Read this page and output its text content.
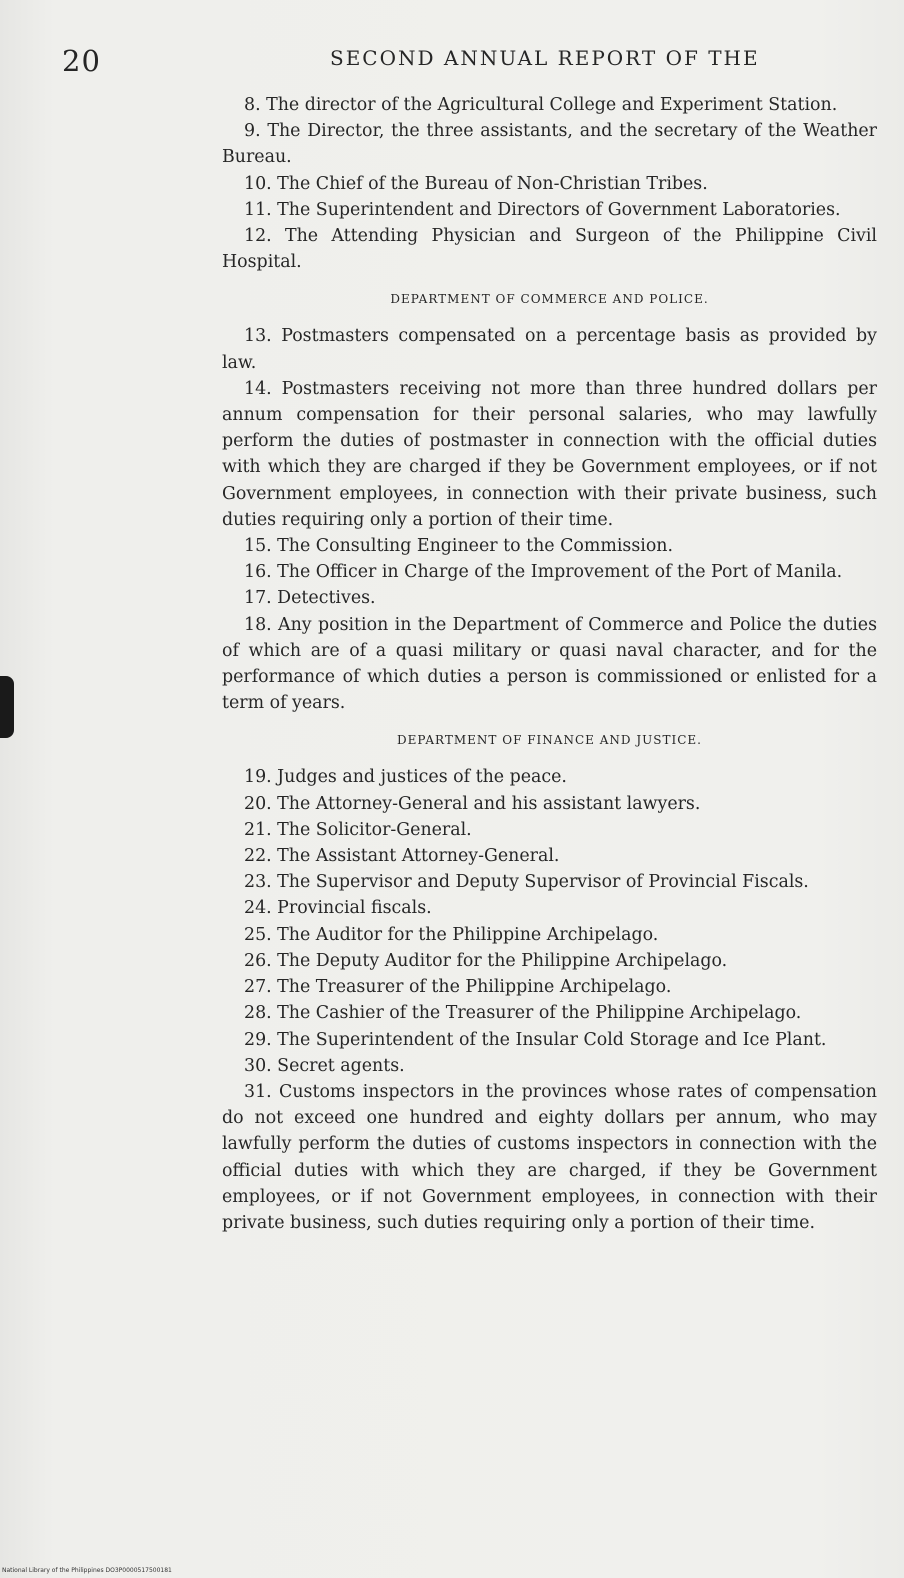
20	SECOND ANNUAL REPORT OF THE

8. The director of the Agricultural College and Experiment Station.

9. The Director, the three assistants, and the secretary of the Weather Bureau.

10. The Chief of the Bureau of Non-Christian Tribes.

11. The Superintendent and Directors of Government Laboratories.

12. The Attending Physician and Surgeon of the Philippine Civil Hospital.

DEPARTMENT OF COMMERCE AND POLICE.

13. Postmasters compensated on a percentage basis as provided by law.

14. Postmasters receiving not more than three hundred dollars per annum compensation for their personal salaries, who may lawfully perform the duties of postmaster in connection with the official duties with which they are charged if they be Government employees, or if not Government employees, in connection with their private business, such duties requiring only a portion of their time.

15. The Consulting Engineer to the Commission.

16. The Officer in Charge of the Improvement of the Port of Manila.

17. Detectives.

18. Any position in the Department of Commerce and Police the duties of which are of a quasi military or quasi naval character, and for the performance of which duties a person is commissioned or enlisted for a term of years.

DEPARTMENT OF FINANCE AND JUSTICE.

19. Judges and justices of the peace.

20. The Attorney-General and his assistant lawyers.

21. The Solicitor-General.

22. The Assistant Attorney-General.

23. The Supervisor and Deputy Supervisor of Provincial Fiscals.

24. Provincial fiscals.

25. The Auditor for the Philippine Archipelago.

26. The Deputy Auditor for the Philippine Archipelago.

27. The Treasurer of the Philippine Archipelago.

28. The Cashier of the Treasurer of the Philippine Archipelago.

29. The Superintendent of the Insular Cold Storage and Ice Plant.

30. Secret agents.

31. Customs inspectors in the provinces whose rates of compensation do not exceed one hundred and eighty dollars per annum, who may lawfully perform the duties of customs inspectors in connection with the official duties with which they are charged, if they be Government employees, or if not Government employees, in connection with their private business, such duties requiring only a portion of their time.

National Library of the Philippines DO3P0000517500181
